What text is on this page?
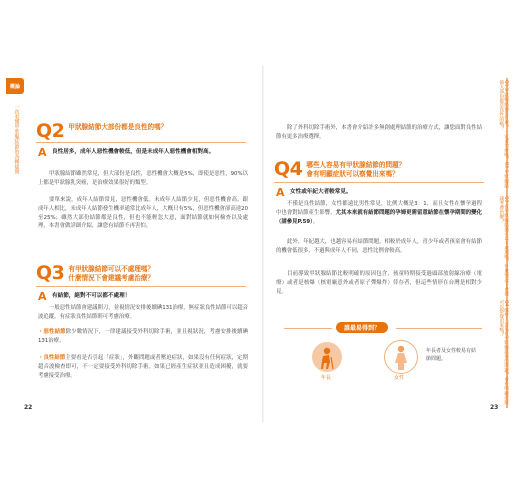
概論
一次看懂甲狀腺結節的各種疑問 Q2 甲狀腺結節大部份都是良性的嗎？
A 良性居多，成年人惡性機會較低，但是未成年人惡性機會相對高。
甲狀腺結節雖然常見，但大部份是良性，惡性機會大概是5%，即使是惡性，90%以上都是甲狀腺乳突癌，是治療效果很好的類型。
要單來說，成年人結節常見，惡性機會低。未成年人結節少見，但惡性機會高，跟成年人相比，未成年人結節發生機率通常比成年人，大概只有5%，但惡性機會卻高達20至25%；雖然大部份結節都是良性，但也不能輕忽大意，面對結節就如何檢查以及處理，本書會做詳細介紹，讓您有結節不再害怕。
Q3 有甲狀腺結節可以不處理嗎？
什麼情況下會建議考慮治療？
A 有結節，絕對不可以都不處理！
一般惡性結節會建議開刀，並視情況安排後續碘131治療，無症狀良性結節可以超音波追蹤，有症狀良性結節則可考慮治療。
・惡性結節除少數情況下，一律建議接受外科切除手術，並且視狀況，考慮安排後續碘131治療。
・良性結節主要看是否引起「症狀」，外觀問題或者壓迫症狀，如果沒有任何症狀，定期超音波檢查即可，不一定要接受外科切除手術。如果已經產生症狀並且造成困擾，就要考慮接受治療。
22
除了外科切除手術外，本書會介紹許多無創處理結節的治療方式，讓您面對良性結節有更多治療選擇。
Q4 哪些人容易有甲狀腺結節的問題？
會有明顯症狀可以察覺出來嗎？
A 女性或年紀大者較常見。
不僅是良性結節，女性都遠比男性常見，比例大概是3：1，而且女性在懷孕過程中也會對結節產生影響，尤其本來就有結節問題的孕婦更需留意結節在懷孕期間的變化（請參見P.59）。
此外，年紀越大，也越容易有結節問題，相較於成年人，青少年或者孩童會有結節的機會低很多，不過與成年人不同，惡性比例會較高。
目前導致甲狀腺結節比較明確的原因包含，孩童時期接受過頭部放射線治療（電療）或者是核爆（核電廠意外或者原子彈爆炸）倖存者，但這些情形在台灣是相對少見。
誰最易得到？
年長	女性
年長者及女性較易有結節問題。
23
Q1 甲狀腺結節是什麼？一定要治療嗎？Q2 甲狀腺結節大部份都是良性的嗎？
Q3 有甲狀腺結節可以不處理嗎？什麼情況下會建議考慮治療？
Q4 哪些人容易有甲狀腺結節的問題？會有明顯症狀可以察覺出來嗎？
